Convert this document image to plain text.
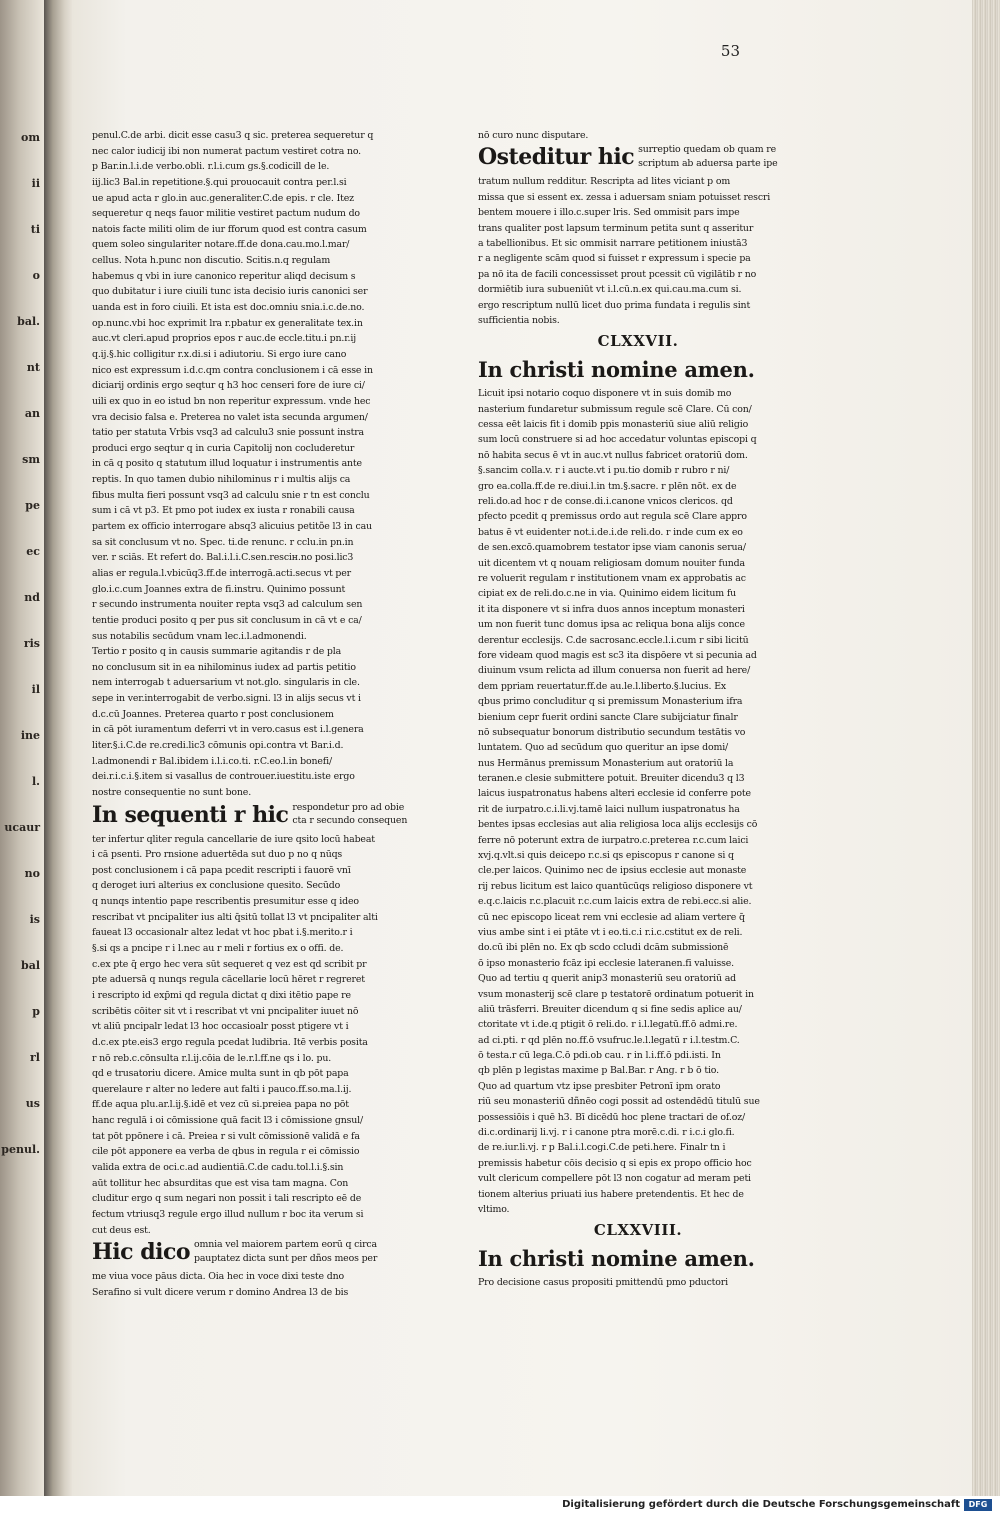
om
ii
ti
o
bal.
nt
an
sm
pe
ec
nd
ris
il
ine
l.
ucaur
no
is
bal
p
rl
us
penul.
53
penul.C.de arbi. dicit esse casu3 q sic. preterea sequeretur q
nec calor iudicij ibi non numerat pactum vestiret cotra no.
p Bar.in.l.i.de verbo.obli. r.l.i.cum gs.§.codicill de le.
iij.lic3 Bal.in repetitione.§.qui prouocauit contra per.l.si
ue apud acta r glo.in auc.generaliter.C.de epis. r cle. Itez
sequeretur q neqs fauor militie vestiret pactum nudum do
natois facte militi olim de iur fforum quod est contra casum
quem soleo singulariter notare.ff.de dona.cau.mo.l.mar/
cellus. Nota h.punc non discutio. Scitis.n.q regulam
habemus q vbi in iure canonico reperitur aliqd decisum s
quo dubitatur i iure ciuili tunc ista decisio iuris canonici ser
uanda est in foro ciuili. Et ista est doc.omniu snia.i.c.de.no.
op.nunc.vbi hoc exprimit lra r.pbatur ex generalitate tex.in
auc.vt cleri.apud proprios epos r auc.de eccle.titu.i pn.r.ij
q.ij.§.hic colligitur r.x.di.si i adiutoriu. Si ergo iure cano
nico est expressum i.d.c.qm contra conclusionem i cā esse in
diciarij ordinis ergo seqtur q h3 hoc censeri fore de iure ci/
uili ex quo in eo istud bn non reperitur expressum. vnde hec
vra decisio falsa e. Preterea no valet ista secunda argumen/
tatio per statuta Vrbis vsq3 ad calculu3 snie possunt instra
produci ergo seqtur q in curia Capitolij non cocluderetur
in cā q posito q statutum illud loquatur i instrumentis ante
reptis. In quo tamen dubio nihilominus r i multis alijs ca
fibus multa fieri possunt vsq3 ad calculu snie r tn est conclu
sum i cā vt p3. Et pmo pot iudex ex iusta r ronabili causa
partem ex officio interrogare absq3 alicuius petitõe l3 in cau
sa sit conclusum vt no. Spec. ti.de renunc. r cclu.in pn.in
ver. r sciās. Et refert do. Bal.i.l.i.C.sen.resciн.no posi.lic3
alias er regula.l.vbicūq3.ff.de interrogā.acti.secus vt per
glo.i.c.cum Joannes extra de fi.instru. Quinimo possunt
r secundo instrumenta nouiter repta vsq3 ad calculum sen
tentie produci posito q per pus sit conclusum in cā vt e ca/
sus notabilis secūdum vnam lec.i.l.admonendi.
Tertio r posito q in causis summarie agitandis r de pla
no conclusum sit in ea nihilominus iudex ad partis petitio
nem interrogab t aduersarium vt not.glo. singularis in cle.
sepe in ver.interrogabit de verbo.signi. l3 in alijs secus vt i
d.c.cū Joannes. Preterea quarto r post conclusionem
in cā pōt iuramentum deferri vt in vero.casus est i.l.genera
liter.§.i.C.de re.credi.lic3 cōmunis opi.contra vt Bar.i.d.
l.admonendi r Bal.ibidem i.l.i.co.ti. r.C.eo.l.in bonefi/
dei.r.i.c.i.§.item si vasallus de controuer.iuestitu.iste ergo
nostre consequentie no sunt bone.
In sequenti r hic respondetur pro ad obie
cta r secundo consequen
ter infertur qliter regula cancellarie de iure qsito locū habeat
i cā psenti. Pro rnsione aduertēda sut duo p no q nūqs
post conclusionem i cā papa pcedit rescripti i fauorē vnī
q deroget iuri alterius ex conclusione quesito. Secūdo
q nunqs intentio pape rescribentis presumitur esse q ideo
rescribat vt pncipaliter ius alti q̄sitū tollat l3 vt pncipaliter alti
faueat l3 occasionalr altez ledat vt hoc pbat i.§.merito.r i
§.si qs a pncipe r i l.nec au r meli r fortius ex o offi. de.
c.ex pte q̄ ergo hec vera sūt sequeret q vez est qd scribit pr
pte aduersā q nunqs regula cācellarie locū hēret r regreret
i rescripto id exp̄mi qd regula dictat q dixi itētio pape re
scribētis cōiter sit vt i rescribat vt vni pncipaliter iuuet nō
vt aliū pncipalr ledat l3 hoc occasioalr posst ptigere vt i
d.c.ex pte.eis3 ergo regula pcedat ludibria. Itē verbis posita
r nō reb.c.cōnsulta r.l.ij.cōia de le.r.l.ff.ne qs i lo. pu.
qd e trusatoriu dicere. Amice multa sunt in qb pōt papa
querelaure r alter no ledere aut falti i pauco.ff.so.ma.l.ij.
ff.de aqua plu.ar.l.ij.§.idē et vez cū si.preiea papa no pōt
hanc regulā i oi cōmissione quā facit l3 i cōmissione gnsul/
tat pōt ppōnere i cā. Preiea r si vult cōmissionē validā e fa
cile pōt apponere ea verba de qbus in regula r ei cōmissio
valida extra de oci.c.ad audientiā.C.de cadu.tol.l.i.§.sin
aūt tollitur hec absurditas que est visa tam magna. Con
cluditur ergo q sum negari non possit i tali rescripto eē de
fectum vtriusq3 regule ergo illud nullum r boc ita verum si
cut deus est.
Hic dico omnia vel maiorem partem eorū q circa
pauptatez dicta sunt per dños meos per
me viua voce pāus dicta. Oia hec in voce dixi teste dno
Serafino si vult dicere verum r domino Andrea l3 de bis
nō curo nunc disputare.
Osteditur hic surreptio quedam ob quam re
scriptum ab aduersa parte ipe
tratum nullum redditur. Rescripta ad lites viciant p om
missa que si essent ex. zessa i aduersam sniam potuisset rescri
bentem mouere i illo.c.super lris. Sed ommisit pars impe
trans qualiter post lapsum terminum petita sunt q asseritur
a tabellionibus. Et sic ommisit narrare petitionem iniustā3
r a negligente scām quod si fuisset r expressum i specie pa
pa nō ita de facili concessisset prout pcessit cū vigilātib r no
dormiētib iura subueniūt vt i.l.cū.n.ex qui.cau.ma.cum si.
ergo rescriptum nullū licet duo prima fundata i regulis sint
sufficientia nobis.
CLXXVII.
In christi nomine amen.
Licuit ipsi notario coquo disponere vt in suis domib mo
nasterium fundaretur submissum regule scē Clare. Cū con/
cessa eēt laicis fit i domib ppis monasteriū siue aliū religio
sum locū construere si ad hoc accedatur voluntas episcopi q
nō habita secus ē vt in auc.vt nullus fabricet oratoriū dom.
§.sancim colla.v. r i aucte.vt i pu.tio domib r rubro r ni/
gro ea.colla.ff.de re.diui.l.in tm.§.sacre. r plēn nōt. ex de
reli.do.ad hoc r de conse.di.i.canone vnicos clericos. qd
pfecto pcedit q premissus ordo aut regula scē Clare appro
batus ē vt euidenter not.i.de.i.de reli.do. r inde cum ex eo
de sen.excō.quamobrem testator ipse viam canonis serua/
uit dicentem vt q nouam religiosam domum nouiter funda
re voluerit regulam r institutionem vnam ex approbatis ac
cipiat ex de reli.do.c.ne in via. Quinimo eidem licitum fu
it ita disponere vt si infra duos annos inceptum monasteri
um non fuerit tunc domus ipsa ac reliqua bona alijs conce
derentur ecclesijs. C.de sacrosanc.eccle.l.i.cum r sibi licitū
fore videam quod magis est sc3 ita dispōere vt si pecunia ad
diuinum vsum relicta ad illum conuersa non fuerit ad here/
dem ppriam reuertatur.ff.de au.le.l.liberto.§.lucius. Ex
qbus primo concluditur q si premissum Monasterium ifra
bienium cepr fuerit ordini sancte Clare subijciatur finalr
nō subsequatur bonorum distributio secundum testātis vo
luntatem. Quo ad secūdum quo queritur an ipse domi/
nus Hermānus premissum Monasterium aut oratoriū la
teranen.e clesie submittere potuit. Breuiter dicendu3 q l3
laicus iuspatronatus habens alteri ecclesie id conferre pote
rit de iurpatro.c.i.li.vj.tamē laici nullum iuspatronatus ha
bentes ipsas ecclesias aut alia religiosa loca alijs ecclesijs cō
ferre nō poterunt extra de iurpatro.c.preterea r.c.cum laici
xvj.q.vlt.si quis deicepo r.c.si qs episcopus r canone si q
cle.per laicos. Quinimo nec de ipsius ecclesie aut monaste
rij rebus licitum est laico quantūcūqs religioso disponere vt
e.q.c.laicis r.c.placuit r.c.cum laicis extra de rebi.ecc.si alie.
cū nec episcopo liceat rem vni ecclesie ad aliam vertere q̄
vius ambe sint i ei ptāte vt i eo.ti.c.i r.i.c.cstitut ex de reli.
do.cū ibi plēn no. Ex qb scdo ccludi dcām submissionē
ō ipso monasterio fcāz ipi ecclesie lateranen.fi valuisse.
Quo ad tertiu q querit anip3 monasteriū seu oratoriū ad
vsum monasterij scē clare p testatorē ordinatum potuerit in
aliū trāsferri. Breuiter dicendum q si fine sedis aplice au/
ctoritate vt i.de.q ptigit ō reli.do. r i.l.legatū.ff.ō admi.re.
ad ci.pti. r qd plēn no.ff.ō vsufruc.le.l.legatū r i.l.testm.C.
ō testa.r cū lega.C.ō pdi.ob cau. r in l.i.ff.ō pdi.isti. In
qb plēn p legistas maxime p Bal.Bar. r Ang. r b ō tio.
Quo ad quartum vtz ipse presbiter Petronī ipm orato
riū seu monasteriū dñnēo cogi possit ad ostendēdū titulū sue
possessiōis i quē h3. Bī dicēdū hoc plene tractari de of.oz/
di.c.ordinarij li.vj. r i canone ptra morē.c.di. r i.c.i glo.fi.
de re.iur.li.vj. r p Bal.i.l.cogi.C.de peti.here. Finalr tn i
premissis habetur cōis decisio q si epis ex propo officio hoc
vult clericum compellere pōt l3 non cogatur ad meram peti
tionem alterius priuati ius habere pretendentis. Et hec de
vltimo.
CLXXVIII.
In christi nomine amen.
Pro decisione casus propositi pmittendū pmo pductori
Digitalisierung gefördert durch die Deutsche Forschungsgemeinschaft	DFG
